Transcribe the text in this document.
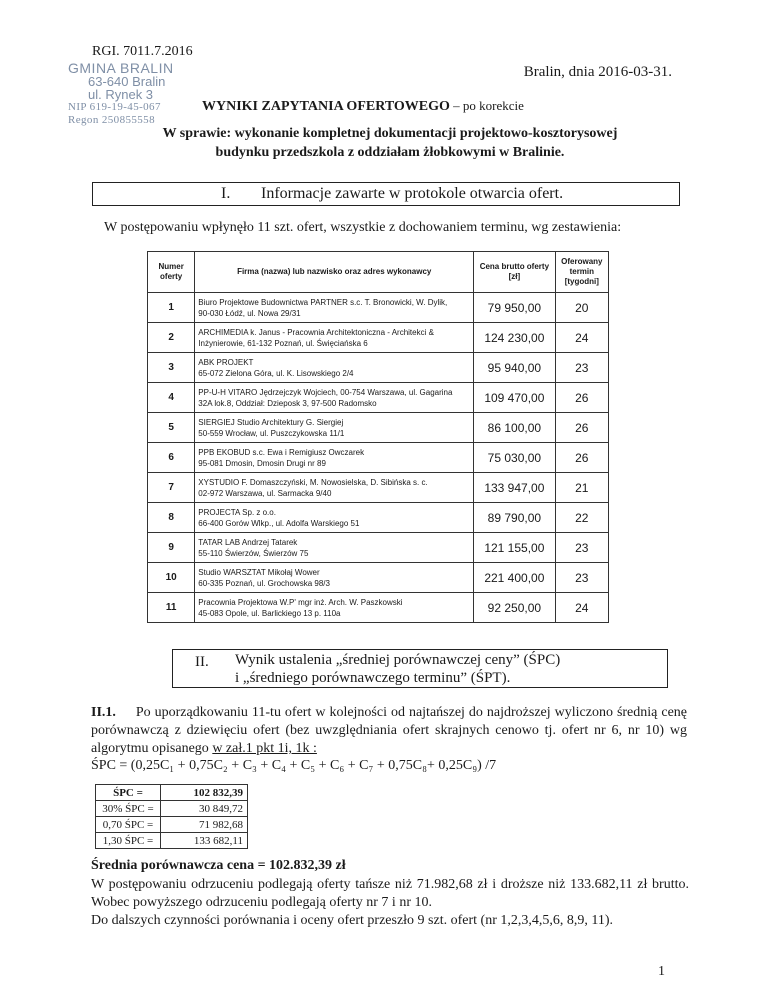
RGI. 7011.7.2016
GMINA BRALIN
63-640 Bralin
ul. Rynek 3
NIP 619-19-45-067
Regon 250855558
Bralin, dnia 2016-03-31.
WYNIKI ZAPYTANIA OFERTOWEGO – po korekcie
W sprawie: wykonanie kompletnej dokumentacji projektowo-kosztorysowej
budynku przedszkola z oddziałam żłobkowymi w Bralinie.
I. Informacje zawarte w protokole otwarcia ofert.
W postępowaniu wpłynęło 11 szt. ofert, wszystkie z dochowaniem terminu, wg zestawienia:
Numer oferty	Firma (nazwa) lub nazwisko oraz adres wykonawcy	Cena brutto oferty [zł]	Oferowany termin [tygodni]
1	Biuro Projektowe Budownictwa PARTNER s.c. T. Bronowicki, W. Dylik,
90-030 Łódź, ul. Nowa 29/31	79 950,00	20
2	ARCHIMEDIA k. Janus - Pracownia Architektoniczna - Architekci &
Inżynierowie, 61-132 Poznań, ul. Święciańska 6	124 230,00	24
3	ABK PROJEKT
65-072 Zielona Góra, ul. K. Lisowskiego 2/4	95 940,00	23
4	PP-U-H VITARO Jędrzejczyk Wojciech, 00-754 Warszawa, ul. Gagarina
32A lok.8, Oddział: Dzieposk 3, 97-500 Radomsko	109 470,00	26
5	SIERGIEJ Studio Architektury G. Siergiej
50-559 Wrocław, ul. Puszczykowska 11/1	86 100,00	26
6	PPB EKOBUD s.c. Ewa i Remigiusz Owczarek
95-081 Dmosin, Dmosin Drugi nr 89	75 030,00	26
7	XYSTUDIO F. Domaszczyński, M. Nowosielska, D. Sibińska s. c.
02-972 Warszawa, ul. Sarmacka 9/40	133 947,00	21
8	PROJECTA Sp. z o.o.
66-400 Gorów Wlkp., ul. Adolfa Warskiego 51	89 790,00	22
9	TATAR LAB Andrzej Tatarek
55-110 Świerzów, Świerzów 75	121 155,00	23
10	Studio WARSZTAT Mikołaj Wower
60-335 Poznań, ul. Grochowska 98/3	221 400,00	23
11	Pracownia Projektowa W.P' mgr inż. Arch. W. Paszkowski
45-083 Opole, ul. Barlickiego 13 p. 110a	92 250,00	24
II. Wynik ustalenia „średniej porównawczej ceny” (ŚPC)
i „średniego porównawczego terminu” (ŚPT).
II.1. Po uporządkowaniu 11-tu ofert w kolejności od najtańszej do najdroższej wyliczono średnią cenę porównawczą z dziewięciu ofert (bez uwzględniania ofert skrajnych cenowo tj. ofert nr 6, nr 10) wg algorytmu opisanego w zał.1 pkt 1i, 1k :
ŚPC = (0,25C₁ + 0,75C₂ + C₃ + C₄ + C₅ + C₆ + C₇ + 0,75C₈+ 0,25C₉) /7
ŚPC =	102 832,39
30% ŚPC =	30 849,72
0,70 ŚPC =	71 982,68
1,30 ŚPC =	133 682,11
Średnia porównawcza cena = 102.832,39 zł
W postępowaniu odrzuceniu podlegają oferty tańsze niż 71.982,68 zł i droższe niż 133.682,11 zł brutto. Wobec powyższego odrzuceniu podlegają oferty nr 7 i nr 10.
Do dalszych czynności porównania i oceny ofert przeszło 9 szt. ofert (nr 1,2,3,4,5,6, 8,9, 11).
1
